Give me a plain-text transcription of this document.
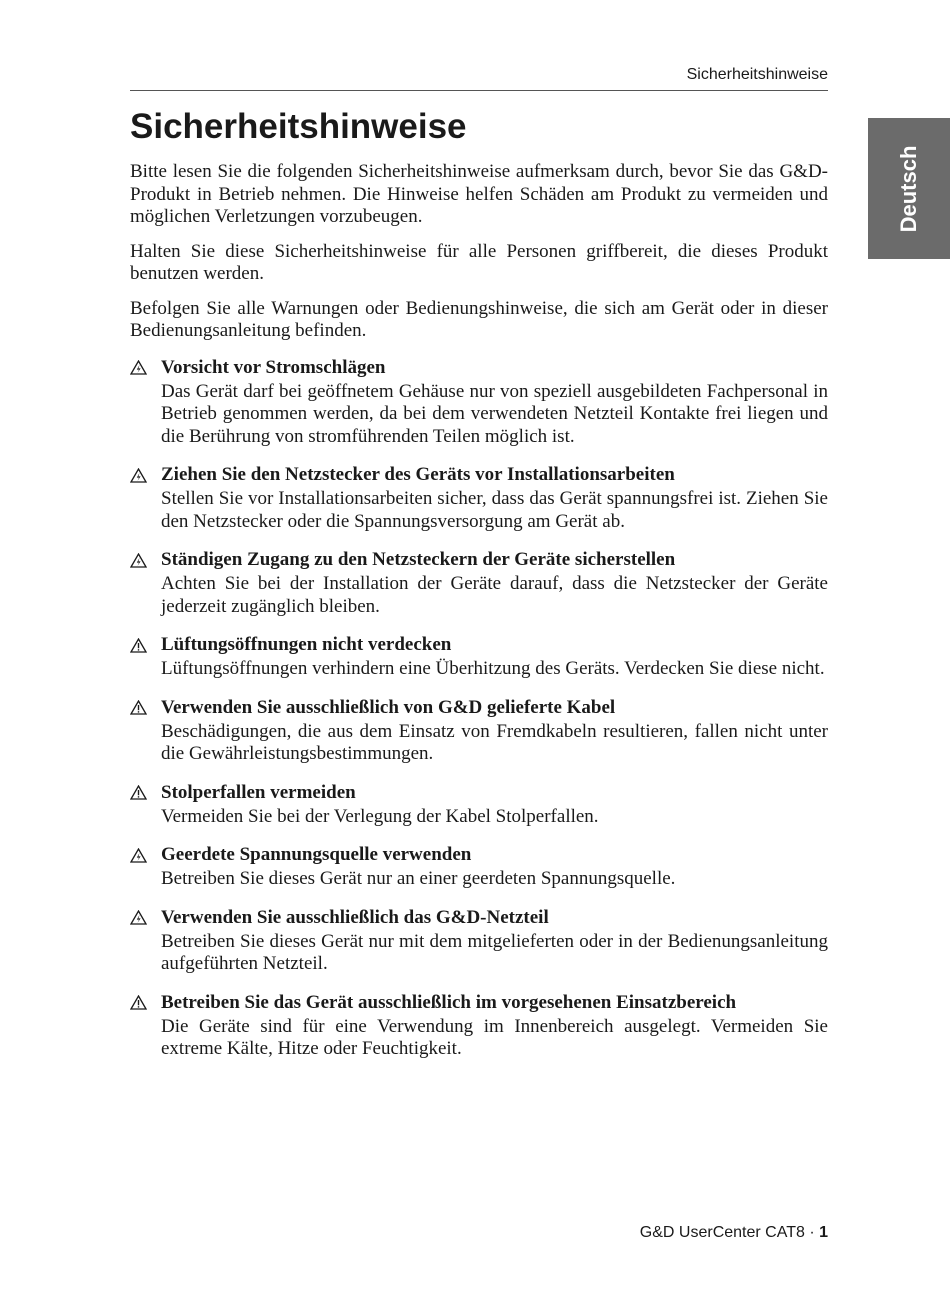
Sicherheitshinweise
Deutsch
Sicherheitshinweise

Bitte lesen Sie die folgenden Sicherheitshinweise aufmerksam durch, bevor Sie das G&D-Produkt in Betrieb nehmen. Die Hinweise helfen Schäden am Produkt zu vermeiden und möglichen Verletzungen vorzubeugen.

Halten Sie diese Sicherheitshinweise für alle Personen griffbereit, die dieses Produkt benutzen werden.

Befolgen Sie alle Warnungen oder Bedienungshinweise, die sich am Gerät oder in dieser Bedienungsanleitung befinden.

Vorsicht vor Stromschlägen
Das Gerät darf bei geöffnetem Gehäuse nur von speziell ausgebildeten Fachpersonal in Betrieb genommen werden, da bei dem verwendeten Netzteil Kontakte frei liegen und die Berührung von stromführenden Teilen möglich ist.
Ziehen Sie den Netzstecker des Geräts vor Installationsarbeiten
Stellen Sie vor Installationsarbeiten sicher, dass das Gerät spannungsfrei ist. Ziehen Sie den Netzstecker oder die Spannungsversorgung am Gerät ab.
Ständigen Zugang zu den Netzsteckern der Geräte sicherstellen
Achten Sie bei der Installation der Geräte darauf, dass die Netzstecker der Geräte jederzeit zugänglich bleiben.
Lüftungsöffnungen nicht verdecken
Lüftungsöffnungen verhindern eine Überhitzung des Geräts. Verdecken Sie diese nicht.
Verwenden Sie ausschließlich von G&D gelieferte Kabel
Beschädigungen, die aus dem Einsatz von Fremdkabeln resultieren, fallen nicht unter die Gewährleistungsbestimmungen.
Stolperfallen vermeiden
Vermeiden Sie bei der Verlegung der Kabel Stolperfallen.
Geerdete Spannungsquelle verwenden
Betreiben Sie dieses Gerät nur an einer geerdeten Spannungsquelle.
Verwenden Sie ausschließlich das G&D-Netzteil
Betreiben Sie dieses Gerät nur mit dem mitgelieferten oder in der Bedienungsanleitung aufgeführten Netzteil.
Betreiben Sie das Gerät ausschließlich im vorgesehenen Einsatzbereich
Die Geräte sind für eine Verwendung im Innenbereich ausgelegt. Vermeiden Sie extreme Kälte, Hitze oder Feuchtigkeit.
G&D UserCenter CAT8 · 1
